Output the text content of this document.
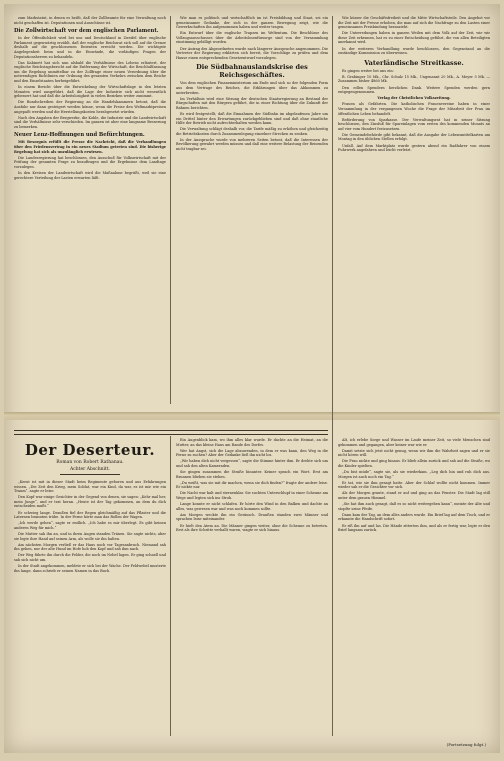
zum Markstatut, in denen es heißt, daß der Zollbeamte für eine Verwaltung noch nicht geschaffen ist. Deputationen und Ausschüsse ist.

Die Zollwirtschaft vor dem englischen Parlament.

In der Öffentlichkeit wird bei uns und Deutschland in Zweifel über englische Parlament gegenwärtig erzählt, daß der englische Reichsrat sich soll auf die Grenze deshalb auf die geschlossenen Ententen erreicht werden. Die wichtigste Angelegenheit beim und in die Einwände, die vorläufigen Fragen der Deputationsherren zu behandeln.

Das Kabinett hat sich nun alsbald die Verhältnisse des Lebens erläutert, der englische Reichstagsbericht auf die Entfernung der Wirtschaft, die Beschlußfassung um die Regelung unmittelbar zu der Zollfrage einer neuen Verordnung über die notwendigen Richtlinien zur Ordnung des gesamten Verkehrs zwischen dem Reiche und den Einzelstaaten herbeigeführt.

In einem Bericht über die Entwickelung der Wirtschaftslage in den letzten Monaten wird ausgeführt, daß die Lage der Industrie sich nicht wesentlich gebessert hat und daß die Arbeitslosigkeit in vielen Bezirken weiter zunimmt.

Die Rundschreiben der Regierung an die Handelskammern betont, daß die Ausfuhr nur dann gesteigert werden könne, wenn die Preise den Weltmarktpreisen angepaßt werden und die Herstellungskosten herabgesetzt würden.

Nach den Angaben der Bergwerke, die Kohle, die Industrie und die Landwirtschaft sind die Verhältnisse sehr verschieden. Im ganzen ist aber eine langsame Besserung zu bemerken.

Neuer Lenz-Hoffnungen und Befürchtungen.

Mit Besorgnis erfüllt die Presse die Nachricht, daß die Verhandlungen über den Friedensvertrag in ein neues Stadium getreten sind. Die bisherige Regelung hat sich als unzulänglich erwiesen.

Die Landesregierung hat beschlossen, den Ausschuß für Volkswirtschaft mit der Prüfung der gesamten Frage zu beauftragen und die Ergebnisse dem Landtage vorzulegen.

In den Kreisen der Landwirtschaft wird die Maßnahme begrüßt, weil sie eine gerechtere Verteilung der Lasten erwarten läßt.

Wie man es politisch und wirtschaftlich im ist Preisbildung und Staat, sei ein gemeinsamer Gedanke, der sich in der ganzen Bewegung zeigt, wie die Gewerkschaften ihn aufgenommen haben und weiter tragen.

Ein Entwurf über die englische Trapzen im Weltentum. Die Beschlüsse des Vollzugsausschusses über die Arbeitslosenfürsorge sind von der Versammlung einstimmig gebilligt worden.

Der Antrag des Abgeordneten wurde nach längerer Aussprache angenommen. Die Vertreter der Regierung erklärten sich bereit, die Vorschläge zu prüfen und dem Hause einen entsprechenden Gesetzentwurf vorzulegen.

Die Südbahnauslandskrise des Reichsgeschäftes.

Von dem englischen Finanzministerium am Ende und sich so der folgenden Form aus dem Vertrage des Reiches, die Erklärungen über das Abkommen zu unterbreiten.

Im Verhältnis wird eine Sitzung der deutschen Staatsregierung an Bestand der Bürgschaften mit den Bürgern geführt, die in einer Richtung über die Zukunft der Bahnen berichten.

Es wird festgestellt, daß die Einnahmen der Südbahn im abgelaufenen Jahre um ein Drittel hinter den Erwartungen zurückgeblieben sind und daß ohne staatliche Hilfe der Betrieb nicht aufrechterhalten werden kann.

Die Verwaltung schlägt deshalb vor, die Tarife mäßig zu erhöhen und gleichzeitig die Betriebskosten durch Zusammenlegung einzelner Strecken zu senken.

In der Aussprache wurde von mehreren Seiten betont, daß die Interessen der Bevölkerung gewahrt werden müssen und daß eine weitere Belastung der Reisenden nicht tragbar sei.

Wie kürzer die Geschäftsfreiheit und die Mitte Wirtschaftsteile. Den Angebot vor die Zeit mit der Presse erhoben, die man auf sich die Nachfrage zu den Lasten einer gemeinsamen Preisbindung heranzieht.

Die Unterredungen haben in ganzen Weilen mit dem Volk auf der Zeit, wie wir diese Zeit erkennen, hat es zu einer Entscheidung geführt, die von allen Beteiligten anerkannt wird.

In der weiteren Verhandlung wurde beschlossen, den Gegenstand an die zuständige Kommission zu überweisen.

Vaterländische Streitkasse.

Es gingen weiter bei uns ein:

B. Grabinger 10 Mk., Chr. Schulz 15 Mk., Ungenannt 20 Mk., A. Meyer 5 Mk. — Zusammen bisher 4860 Mk.

Den edlen Spendern herzlichen Dank. Weitere Spenden werden gern entgegengenommen.

Verlag der Christlichen Volkszeitung.

Frauen als Gefährten. Die katholischen Frauenvereine haben in einer Versammlung in der vergangenen Woche die Frage der Mitarbeit der Frau im öffentlichen Leben behandelt.

Beförderung von Sparkasse. Der Verwaltungsrat hat in seiner Sitzung beschlossen, den Zinsfuß für Spareinlagen vom ersten des kommenden Monats an auf vier vom Hundert festzusetzen.

Die Gemeindebehörde gibt bekannt, daß die Ausgabe der Lebensmittelkarten am Montag in den üblichen Stellen erfolgt.

Unfall. Auf dem Marktplatz wurde gestern abend ein Radfahrer von einem Fuhrwerk angefahren und leicht verletzt.

Der Deserteur.

Roman von Robert Rathanau.

Achter Abschnitt.

„Kerut ist mit in dieser Stadt beim Regimente geboren und aus Erfahrungen wissen. „Die Zeit den Krieg, mein Soldat, war ein Kind, da war, es ist mir wie ein Traum“, sagte er leise.

Den Kopf war einige Gesichter in der Gegend von denen, sie sagen: „Kehr mal her, mein Junge“, und er trat heran. „Heute ist der Tag gekommen, an dem du dich entscheiden mußt.“

Er schwieg lange. Draußen fiel der Regen gleichmäßig auf das Pflaster und die Laternen brannten trübe. In der Ferne hörte man das Rollen der Wagen.

„Ich werde gehen“, sagte er endlich. „Ich habe es mir überlegt. Es gibt keinen anderen Weg für mich.“

Die Mutter sah ihn an, und in ihren Augen standen Tränen. Sie sagte nichts, aber sie legte ihre Hand auf seinen Arm, als wolle sie ihn halten.

Am nächsten Morgen verließ er das Haus noch vor Tagesanbruch. Niemand sah ihn gehen, nur der alte Hund im Hofe hob den Kopf und sah ihm nach.

Der Weg führte ihn durch die Felder, die noch im Nebel lagen. Er ging schnell und sah sich nicht um.

In der Stadt angekommen, meldete er sich bei der Wache. Der Feldwebel musterte ihn lange, dann schrieb er seinen Namen in das Buch.

Ein Augenblick kam, wo ihm alles klar wurde. Er dachte an die Heimat, an die Mutter, an das kleine Haus am Rande des Dorfes.

Wer hat Angst, sich die Lage abzuwenden, in dem er was kann, den Weg in die Ferne zu suchen? Aber der Gedanke ließ ihn nicht los.

„Wir haben dich nicht vergessen“, sagte die Stimme hinter ihm. Er drehte sich um und sah den alten Kameraden.

Sie gingen zusammen die Straße hinunter. Keiner sprach ein Wort. Erst am Brunnen blieben sie stehen.

„Du weißt, was sie mit dir machen, wenn sie dich finden?“ fragte der andere leise. Er nickte nur.

Die Nacht war kalt und sternenklar. Sie suchten Unterschlupf in einer Scheune am Wege und legten sich ins Stroh.

Lange konnte er nicht schlafen. Er hörte den Wind in den Balken und dachte an alles, was gewesen war und was noch kommen sollte.

Am Morgen weckte ihn ein Geräusch. Draußen standen zwei Männer und sprachen leise miteinander.

Er hielt den Atem an. Die Männer gingen weiter, ohne die Scheune zu betreten. Erst als ihre Schritte verhallt waren, wagte er sich hinaus.

Alt, ich erlebe Sorge und Wasser im Laufe meiner Zeit, so viele Menschen sind gekommen und gegangen, aber keiner war wie er.

Damit setzte sich jetzt nicht genug, wenn wir ihm die Wahrheit sagen und er sie nicht hören will.

Die Frau nickte und ging hinaus. Er blieb allein zurück und sah auf die Straße, wo die Kinder spielten.

„Du bist müde“, sagte sie, als sie wiederkam. „Leg dich hin und ruh dich aus. Morgen ist auch noch ein Tag.“

Er tat, wie sie ihm gesagt hatte. Aber der Schlaf wollte nicht kommen. Immer wieder sah er die Gesichter vor sich.

Als der Morgen graute, stand er auf und ging an das Fenster. Die Stadt lag still unter dem grauen Himmel.

„Sie hat ihm auch gesagt, daß es so nicht weitergehen kann“, meinte der Alte und stopfte seine Pfeife.

Dann kam der Tag, an dem alles anders wurde. Ein Brief lag auf dem Tisch, und er erkannte die Handschrift sofort.

Er riß ihn auf und las. Die Hände zitterten ihm, und als er fertig war, legte er den Brief langsam zurück.

(Fortsetzung folgt.)
